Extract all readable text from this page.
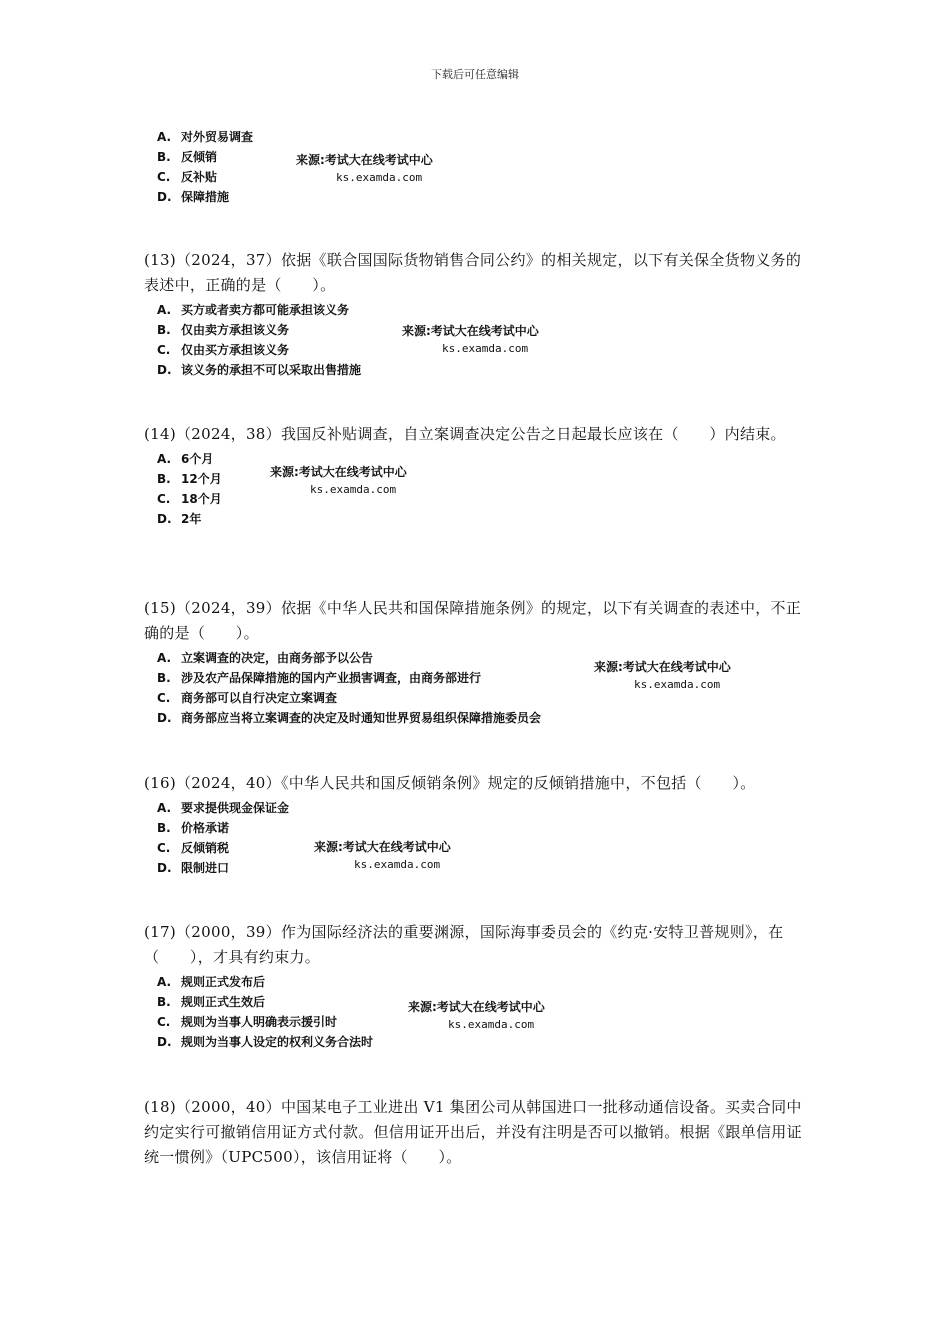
下载后可任意编辑
A. 对外贸易调查
B. 反倾销
C. 反补贴
D. 保障措施
来源:考试大在线考试中心
ks.examda.com

(13)（2024，37）依据《联合国国际货物销售合同公约》的相关规定，以下有关保全货物义务的表述中，正确的是（　　）。

A. 买方或者卖方都可能承担该义务
B. 仅由卖方承担该义务
C. 仅由买方承担该义务
D. 该义务的承担不可以采取出售措施
来源:考试大在线考试中心
ks.examda.com

(14)（2024，38）我国反补贴调查，自立案调查决定公告之日起最长应该在（　　）内结束。

A. 6个月
B. 12个月
C. 18个月
D. 2年
来源:考试大在线考试中心
ks.examda.com

(15)（2024，39）依据《中华人民共和国保障措施条例》的规定，以下有关调查的表述中，不正确的是（　　）。

A. 立案调查的决定，由商务部予以公告
B. 涉及农产品保障措施的国内产业损害调查，由商务部进行
C. 商务部可以自行决定立案调查
D. 商务部应当将立案调查的决定及时通知世界贸易组织保障措施委员会
来源:考试大在线考试中心
ks.examda.com

(16)（2024，40）《中华人民共和国反倾销条例》规定的反倾销措施中，不包括（　　）。

A. 要求提供现金保证金
B. 价格承诺
C. 反倾销税
D. 限制进口
来源:考试大在线考试中心
ks.examda.com

(17)（2000，39）作为国际经济法的重要渊源，国际海事委员会的《约克·安特卫普规则》，在（　　），才具有约束力。

A. 规则正式发布后
B. 规则正式生效后
C. 规则为当事人明确表示援引时
D. 规则为当事人设定的权利义务合法时
来源:考试大在线考试中心
ks.examda.com

(18)（2000，40）中国某电子工业进出 V1 集团公司从韩国进口一批移动通信设备。买卖合同中约定实行可撤销信用证方式付款。但信用证开出后，并没有注明是否可以撤销。根据《跟单信用证统一惯例》（UPC500），该信用证将（　　）。
